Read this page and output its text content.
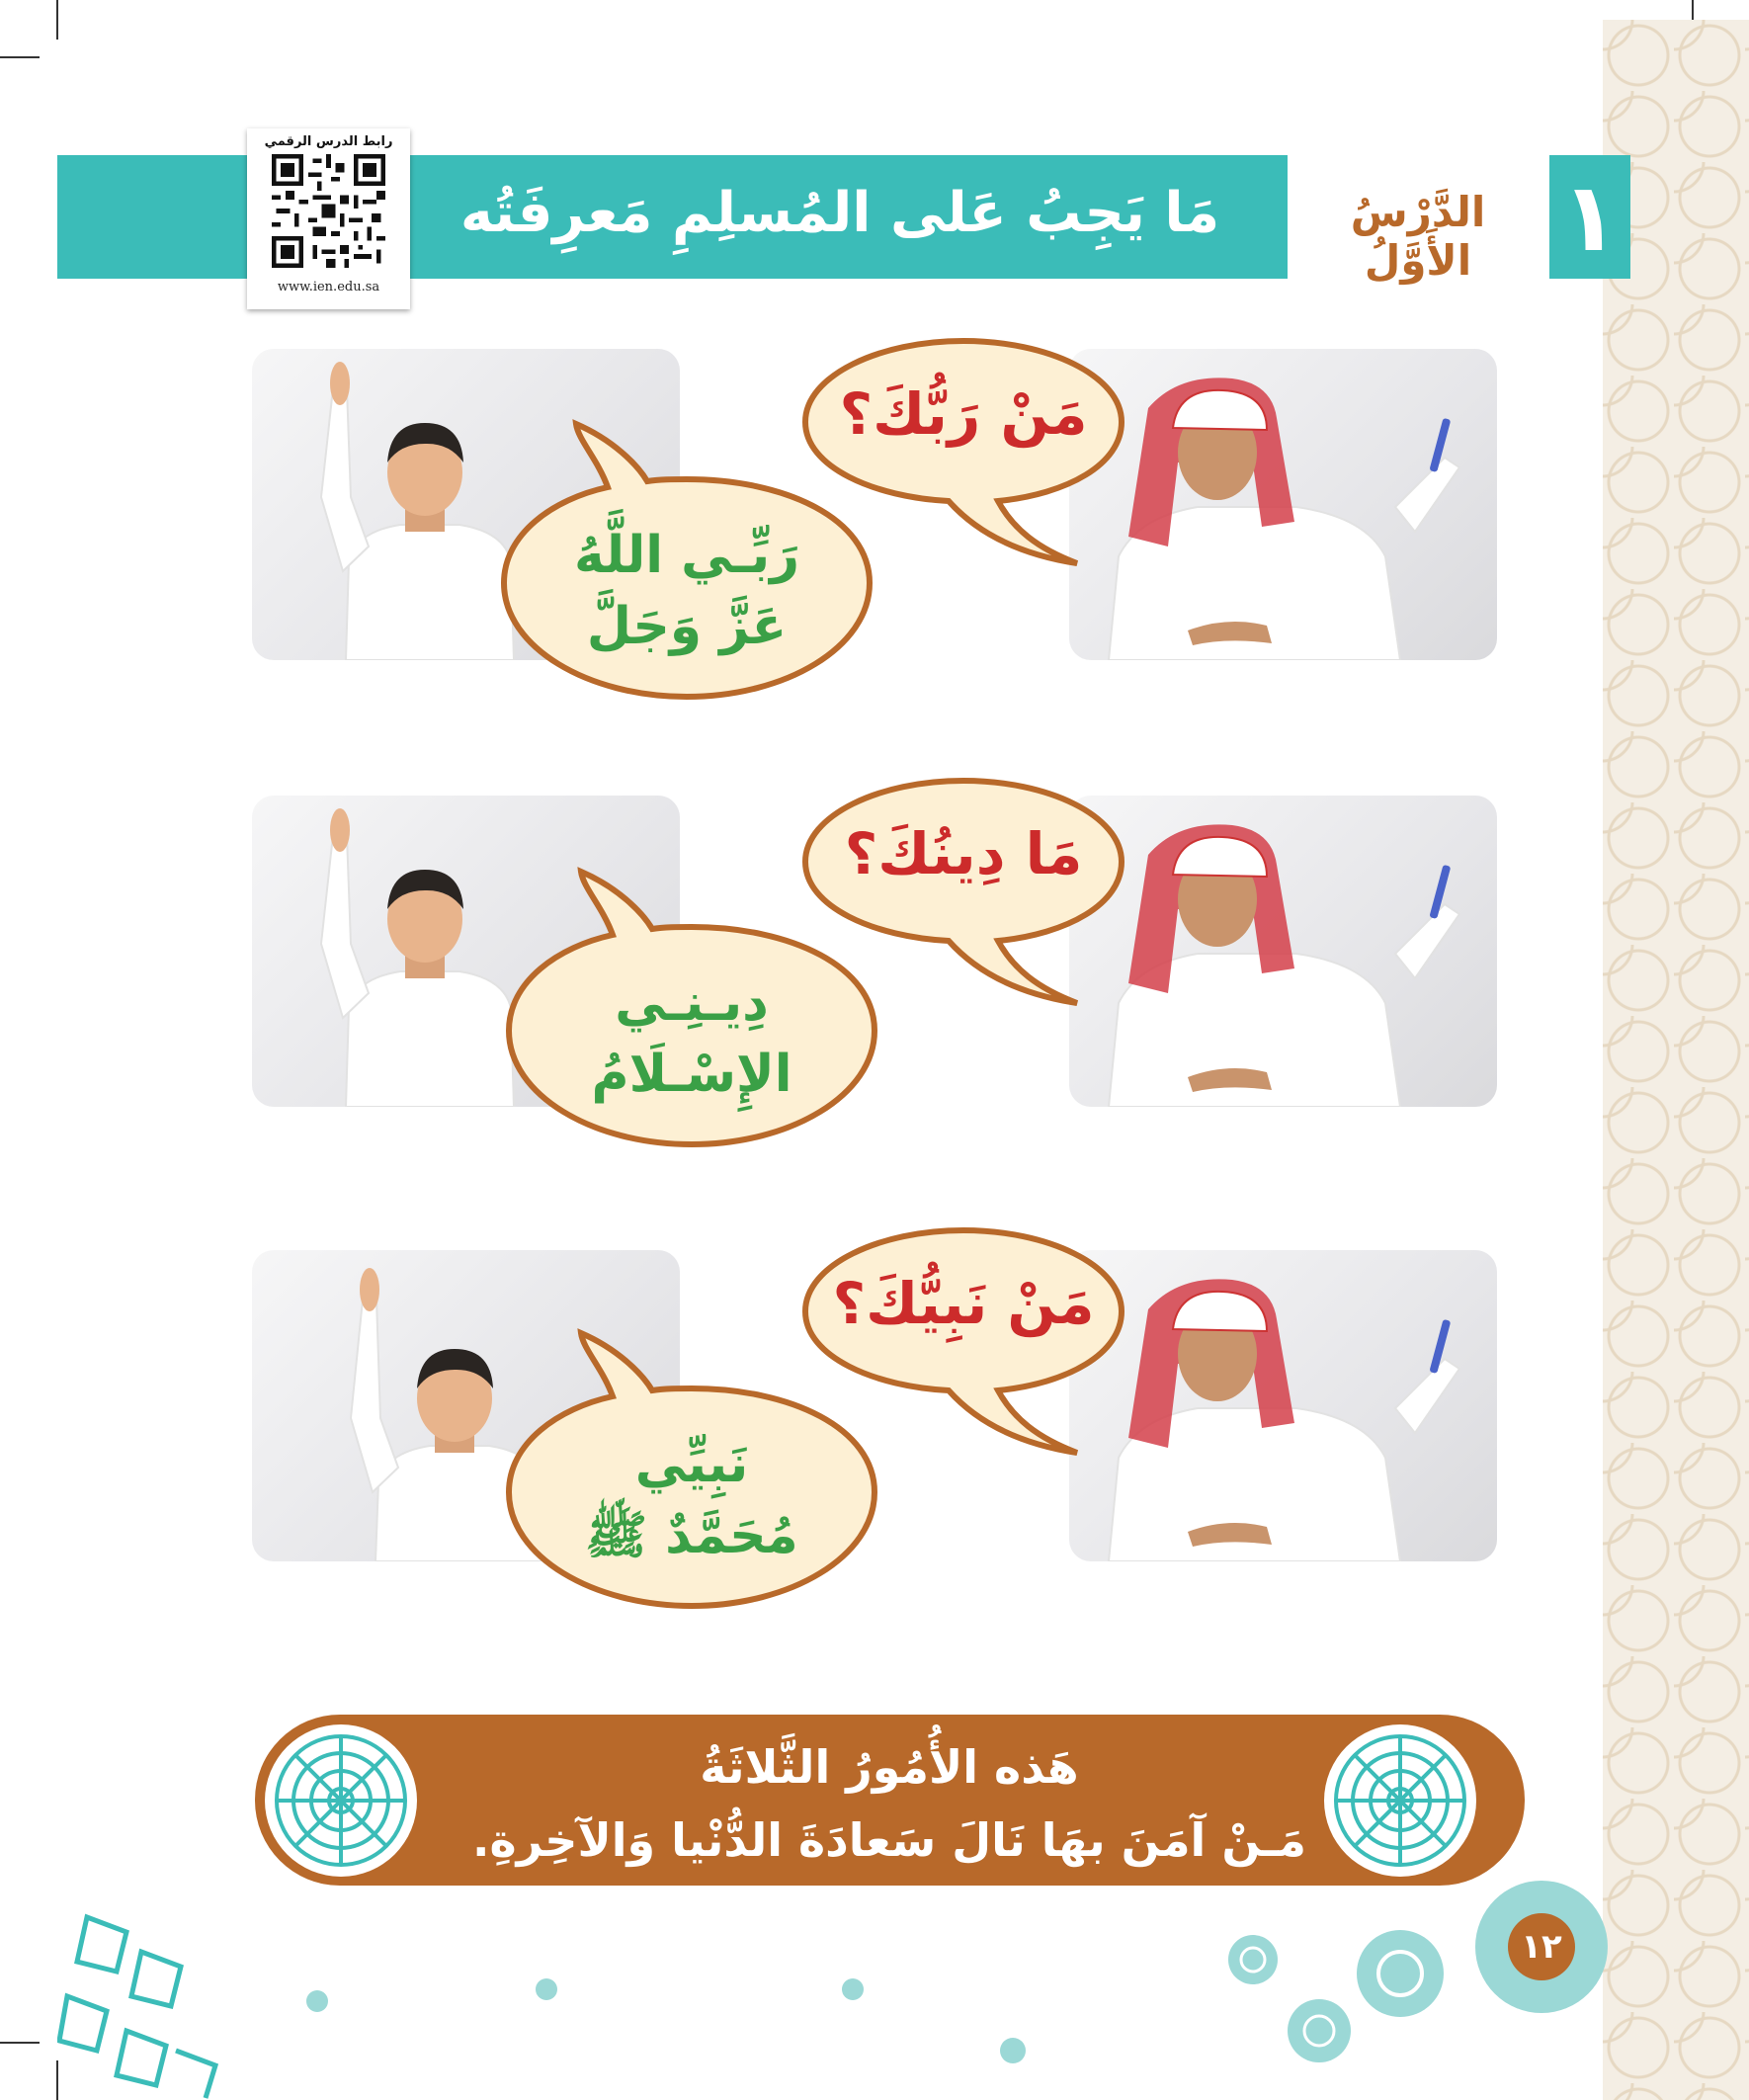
١
الدَّرْسُ الأَوَّلُ
مَا يَجِبُ عَلى المُسلِمِ مَعرِفَتُه
رابط الدرس الرقمي
www.ien.edu.sa
مَنْ رَبُّكَ؟
رَبِّـي اللَّهُ
عَزَّ وَجَلَّ
مَا دِينُكَ؟
دِيـنِـي
الإِسْـلَامُ
مَنْ نَبِيُّكَ؟
نَبِيِّي
مُحَمَّدٌ ﷺ
هَذه الأُمُورُ الثَّلاثَةُ
مَـنْ آمَنَ بهَا نَالَ سَعادَةَ الدُّنْيا وَالآخِرةِ.
١٢
